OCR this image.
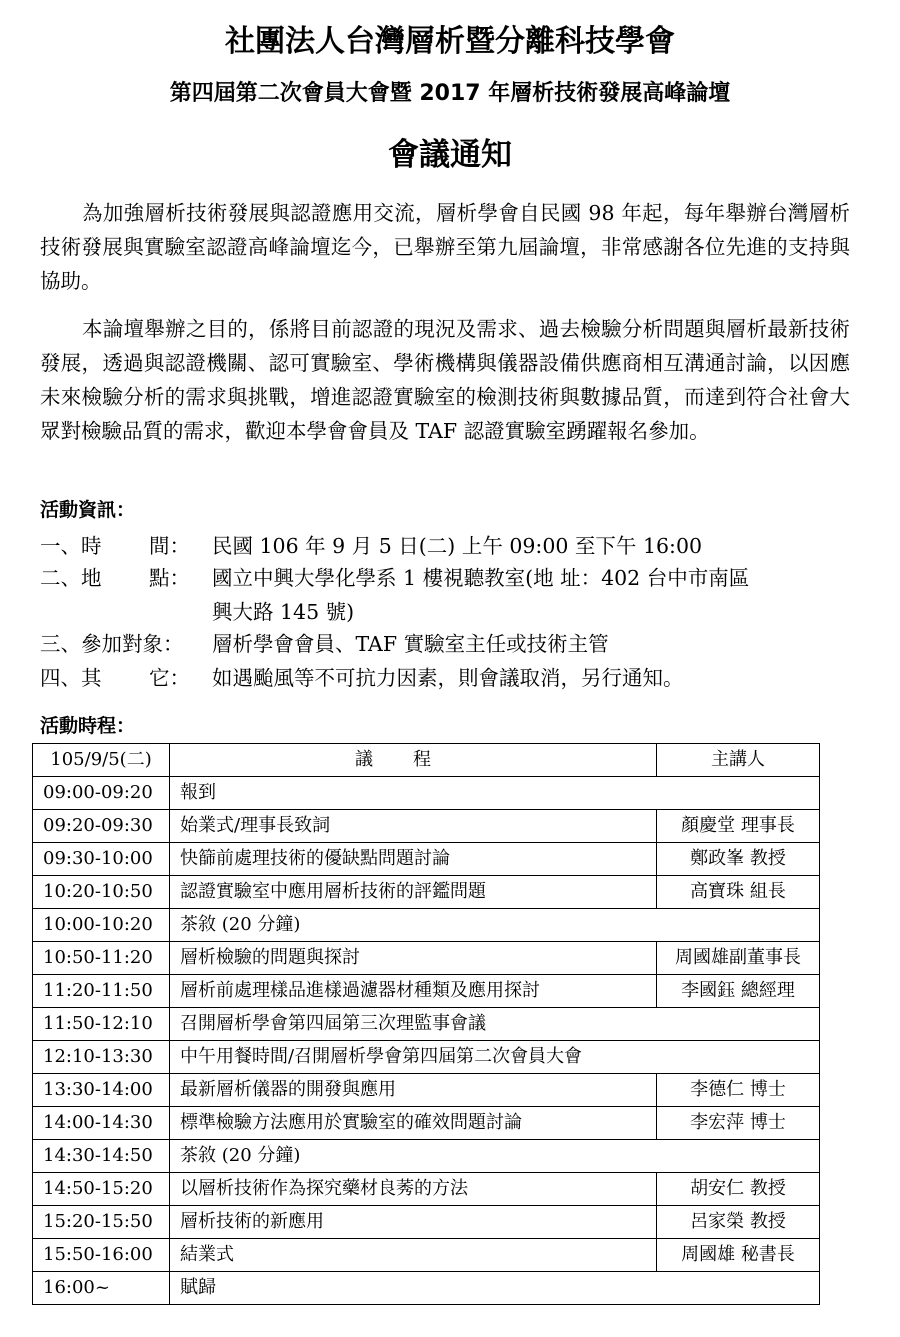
社團法人台灣層析暨分離科技學會
第四屆第二次會員大會暨 2017 年層析技術發展高峰論壇
會議通知

為加強層析技術發展與認證應用交流，層析學會自民國 98 年起，每年舉辦台灣層析技術發展與實驗室認證高峰論壇迄今，已舉辦至第九屆論壇，非常感謝各位先進的支持與協助。

本論壇舉辦之目的，係將目前認證的現況及需求、過去檢驗分析問題與層析最新技術發展，透過與認證機關、認可實驗室、學術機構與儀器設備供應商相互溝通討論，以因應未來檢驗分析的需求與挑戰，增進認證實驗室的檢測技術與數據品質，而達到符合社會大眾對檢驗品質的需求，歡迎本學會會員及 TAF 認證實驗室踴躍報名參加。

活動資訊：
一、時　　 間：	民國 106 年 9 月 5 日(二) 上午 09:00 至下午 16:00
二、地　　 點：	國立中興大學化學系 1 樓視聽教室(地 址：402 台中市南區
興大路 145 號)
三、參加對象：	層析學會會員、TAF 實驗室主任或技術主管
四、其　　 它：	如遇颱風等不可抗力因素，則會議取消，另行通知。
活動時程：
105/9/5(二)	議程	主講人
09:00-09:20	報到	
09:20-09:30	始業式/理事長致詞	顏慶堂 理事長
09:30-10:00	快篩前處理技術的優缺點問題討論	鄭政峯 教授
10:20-10:50	認證實驗室中應用層析技術的評鑑問題	高寶珠 組長
10:00-10:20	茶敘 (20 分鐘)	
10:50-11:20	層析檢驗的問題與探討	周國雄副董事長
11:20-11:50	層析前處理樣品進樣過濾器材種類及應用探討	李國鈺 總經理
11:50-12:10	召開層析學會第四屆第三次理監事會議	
12:10-13:30	中午用餐時間/召開層析學會第四屆第二次會員大會	
13:30-14:00	最新層析儀器的開發與應用	李德仁 博士
14:00-14:30	標準檢驗方法應用於實驗室的確效問題討論	李宏萍 博士
14:30-14:50	茶敘 (20 分鐘)	
14:50-15:20	以層析技術作為探究藥材良莠的方法	胡安仁 教授
15:20-15:50	層析技術的新應用	呂家榮 教授
15:50-16:00	結業式	周國雄 秘書長
16:00~	賦歸	
